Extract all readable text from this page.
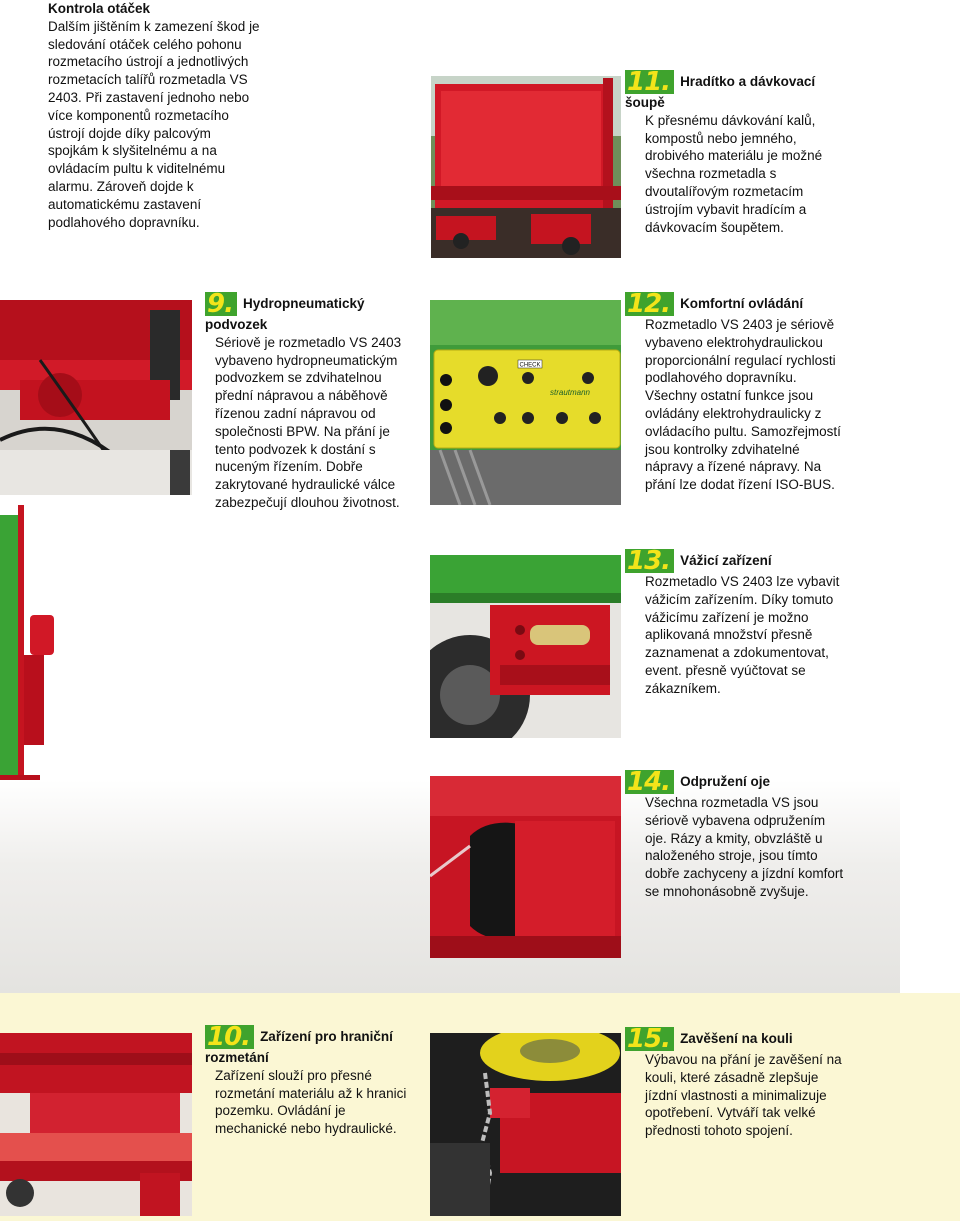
Kontrola otáček

Dalším jištěním k zamezení škod je sledování otáček celého pohonu rozmetacího ústrojí a jednotlivých rozmetacích talířů rozmetadla VS 2403. Při zastavení jednoho nebo více komponentů rozmetacího ústrojí dojde díky palcovým spojkám k slyšitelnému a na ovládacím pultu k viditelnému alarmu. Zároveň dojde k automatickému zastavení podlahového dopravníku.

11. Hradítko a dávkovací šoupě

K přesnému dávkování kalů, kompostů nebo jemného, drobivého materiálu je možné všechna rozmetadla s dvoutalířovým rozmetacím ústrojím vybavit hradícím a dávkovacím šoupětem.

9. Hydropneumatický podvozek

Sériově je rozmetadlo VS 2403 vybaveno hydropneumatickým podvozkem se zdvihatelnou přední nápravou a náběhově řízenou zadní nápravou od společnosti BPW. Na přání je tento podvozek k dostání s nuceným řízením. Dobře zakrytované hydraulické válce zabezpečují dlouhou životnost.

CHECK
strautmann

12. Komfortní ovládání

Rozmetadlo VS 2403 je sériově vybaveno elektrohydraulickou proporcionální regulací rychlosti podlahového dopravníku. Všechny ostatní funkce jsou ovládány elektrohydraulicky z ovládacího pultu. Samozřejmostí jsou kontrolky zdvihatelné nápravy a řízené nápravy. Na přání lze dodat řízení ISO-BUS.

13. Vážicí zařízení

Rozmetadlo VS 2403 lze vybavit vážicím zařízením. Díky tomuto vážicímu zařízení je možno aplikovaná množství přesně zaznamenat a zdokumentovat, event. přesně vyúčtovat se zákazníkem.

14. Odpružení oje

Všechna rozmetadla VS jsou sériově vybavena odpružením oje. Rázy a kmity, obvzláště u naloženého stroje, jsou tímto dobře zachyceny a jízdní komfort se mnohonásobně zvyšuje.

10. Zařízení pro hraniční rozmetání

Zařízení slouží pro přesné rozmetání materiálu až k hranici pozemku. Ovládání je mechanické nebo hydraulické.

15. Zavěšení na kouli

Výbavou na přání je zavěšení na kouli, které zásadně zlepšuje jízdní vlastnosti a minimalizuje opotřebení. Vytváří tak velké přednosti tohoto spojení.
